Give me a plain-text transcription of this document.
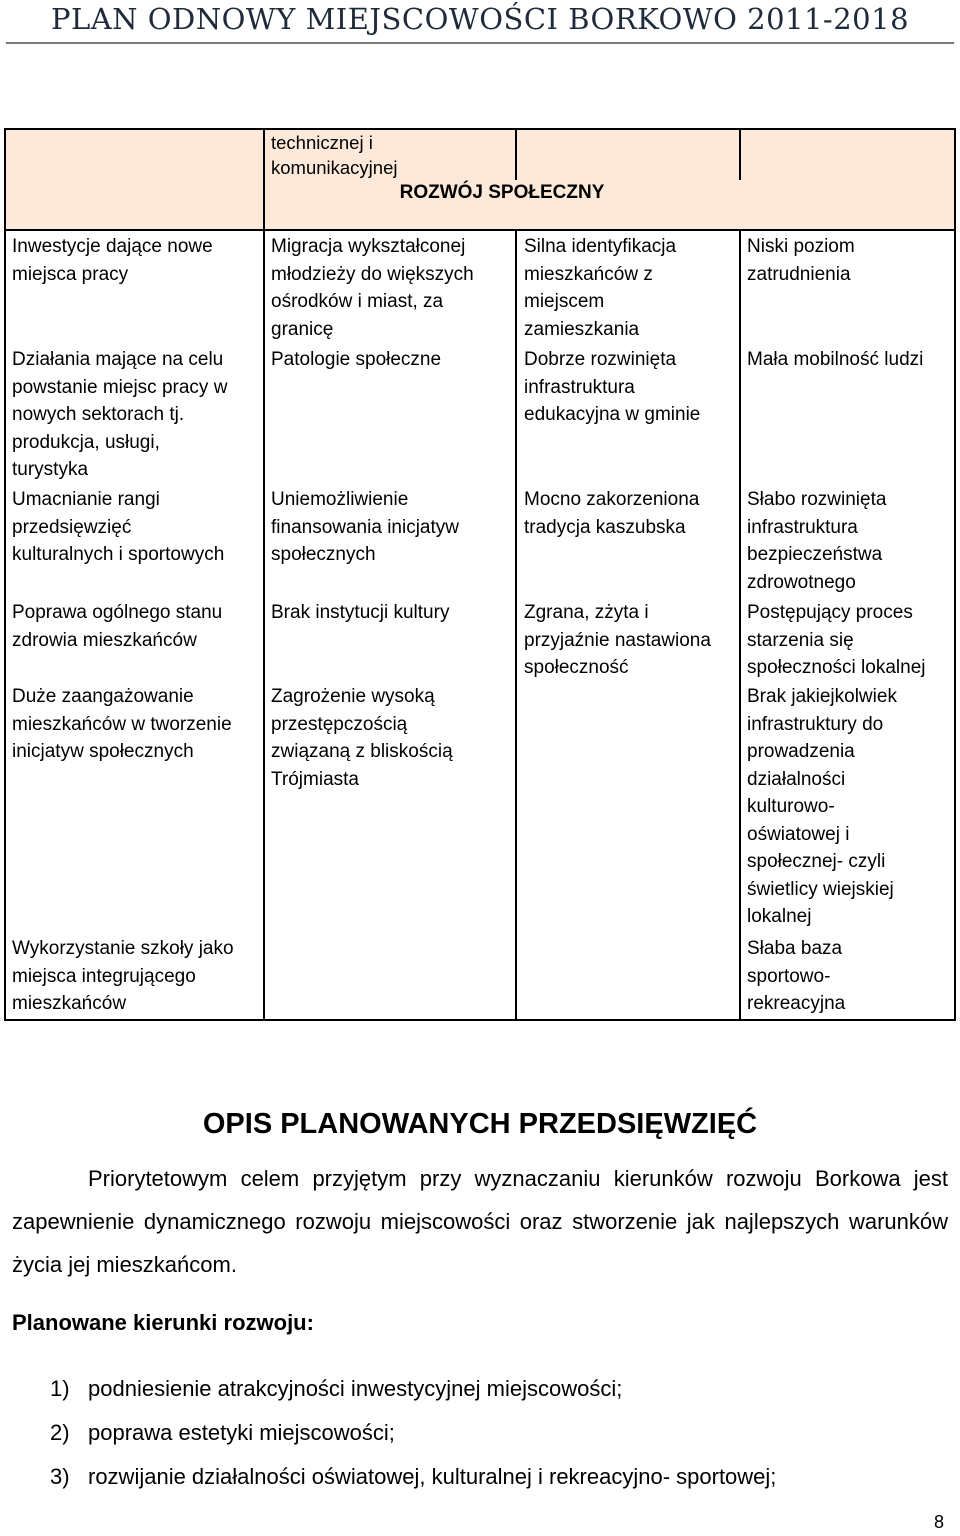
PLAN ODNOWY MIEJSCOWOŚCI BORKOWO 2011-2018
technicznej i
komunikacyjnej
ROZWÓJ SPOŁECZNY
Inwestycje dające nowe
miejsca pracy
Działania mające na celu
powstanie miejsc pracy w
nowych sektorach tj.
produkcja, usługi,
turystyka
Umacnianie rangi
przedsięwzięć
kulturalnych i sportowych
Poprawa ogólnego stanu
zdrowia mieszkańców
Duże zaangażowanie
mieszkańców w tworzenie
inicjatyw społecznych
Wykorzystanie szkoły jako
miejsca integrującego
mieszkańców
Migracja wykształconej
młodzieży do większych
ośrodków i miast, za
granicę
Patologie społeczne
Uniemożliwienie
finansowania inicjatyw
społecznych
Brak instytucji kultury
Zagrożenie wysoką
przestępczością
związaną z bliskością
Trójmiasta
Silna identyfikacja
mieszkańców z
miejscem
zamieszkania
Dobrze rozwinięta
infrastruktura
edukacyjna w gminie
Mocno zakorzeniona
tradycja kaszubska
Zgrana, zżyta i
przyjaźnie nastawiona
społeczność
Niski poziom
zatrudnienia
Mała mobilność ludzi
Słabo rozwinięta
infrastruktura
bezpieczeństwa
zdrowotnego
Postępujący proces
starzenia się
społeczności lokalnej
Brak jakiejkolwiek
infrastruktury do
prowadzenia
działalności
kulturowo-
oświatowej i
społecznej- czyli
świetlicy wiejskiej
lokalnej
Słaba baza
sportowo-
rekreacyjna
OPIS PLANOWANYCH PRZEDSIĘWZIĘĆ
Priorytetowym celem przyjętym przy wyznaczaniu kierunków rozwoju Borkowa jest zapewnienie dynamicznego rozwoju miejscowości oraz stworzenie jak najlepszych warunków życia jej mieszkańcom.
Planowane kierunki rozwoju:
1) podniesienie atrakcyjności inwestycyjnej miejscowości;
2) poprawa estetyki miejscowości;
3) rozwijanie działalności oświatowej, kulturalnej i rekreacyjno- sportowej;
8
